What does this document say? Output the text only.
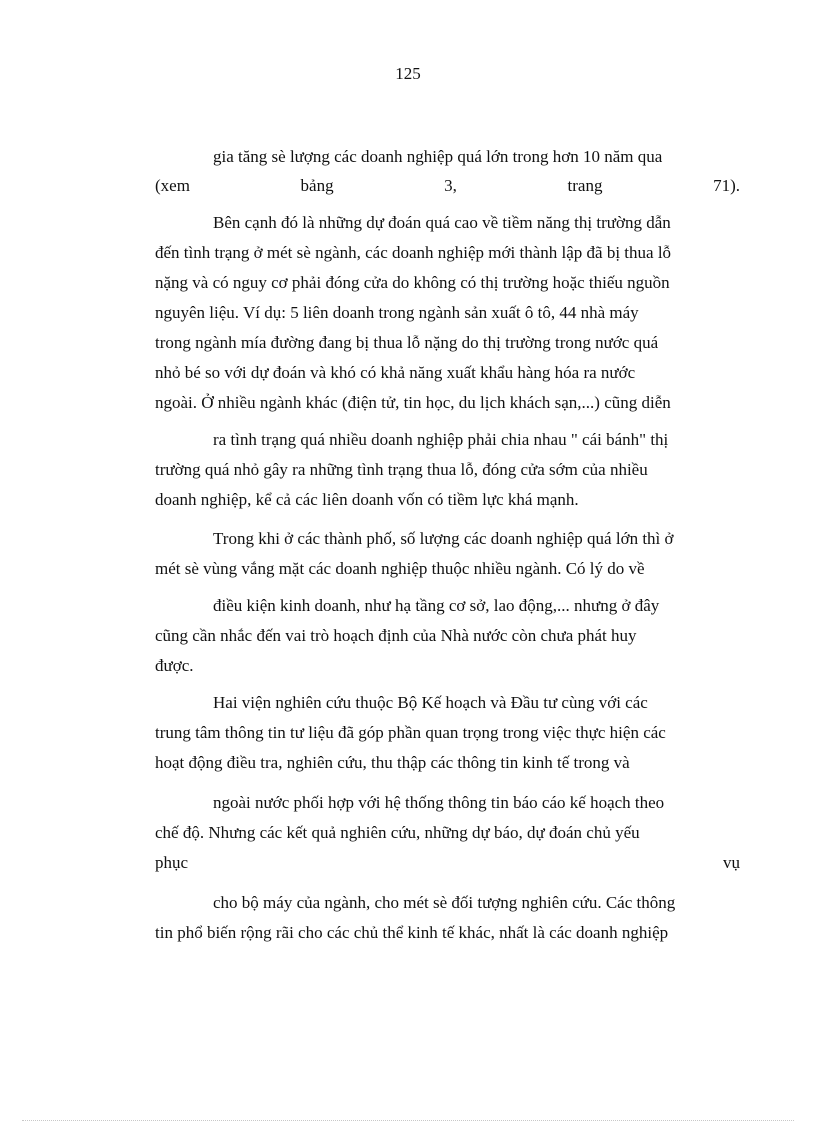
125
gia tăng sè lượng các doanh nghiệp quá lớn trong hơn 10 năm qua
(xem bảng 3, trang 71).
Bên cạnh đó là những dự đoán quá cao về tiềm năng thị trường dẫn
đến tình trạng ở mét sè ngành, các doanh nghiệp mới thành lập đã bị thua lỗ
nặng và có nguy cơ phải đóng cửa do không có thị trường hoặc thiếu nguồn
nguyên liệu. Ví dụ: 5 liên doanh trong ngành sản xuất ô tô, 44 nhà máy
trong ngành mía đường đang bị thua lỗ nặng do thị trường trong nước quá
nhỏ bé so với dự đoán và khó có khả năng xuất khẩu hàng hóa ra nước
ngoài. Ở nhiều ngành khác (điện tử, tin học, du lịch khách sạn,...) cũng diễn
ra tình trạng quá nhiều doanh nghiệp phải chia nhau " cái bánh" thị
trường quá nhỏ gây ra những tình trạng thua lỗ, đóng cửa sớm của nhiều
doanh nghiệp, kể cả các liên doanh vốn có tiềm lực khá mạnh.
Trong khi ở các thành phố, số lượng các doanh nghiệp quá lớn thì ở
mét sè vùng vắng mặt các doanh nghiệp thuộc nhiều ngành. Có lý do về
điều kiện kinh doanh, như hạ tầng cơ sở, lao động,... nhưng ở đây
cũng cần nhắc đến vai trò hoạch định của Nhà nước còn chưa phát huy
được.
Hai viện nghiên cứu thuộc Bộ Kế hoạch và Đầu tư cùng với các
trung tâm thông tin tư liệu đã góp phần quan trọng trong việc thực hiện các
hoạt động điều tra, nghiên cứu, thu thập các thông tin kinh tế trong và
ngoài nước phối hợp với hệ thống thông tin báo cáo kế hoạch theo
chế độ. Nhưng các kết quả nghiên cứu, những dự báo, dự đoán chủ yếu
phục vụ
cho bộ máy của ngành, cho mét sè đối tượng nghiên cứu. Các thông
tin phổ biến rộng rãi cho các chủ thể kinh tế khác, nhất là các doanh nghiệp
